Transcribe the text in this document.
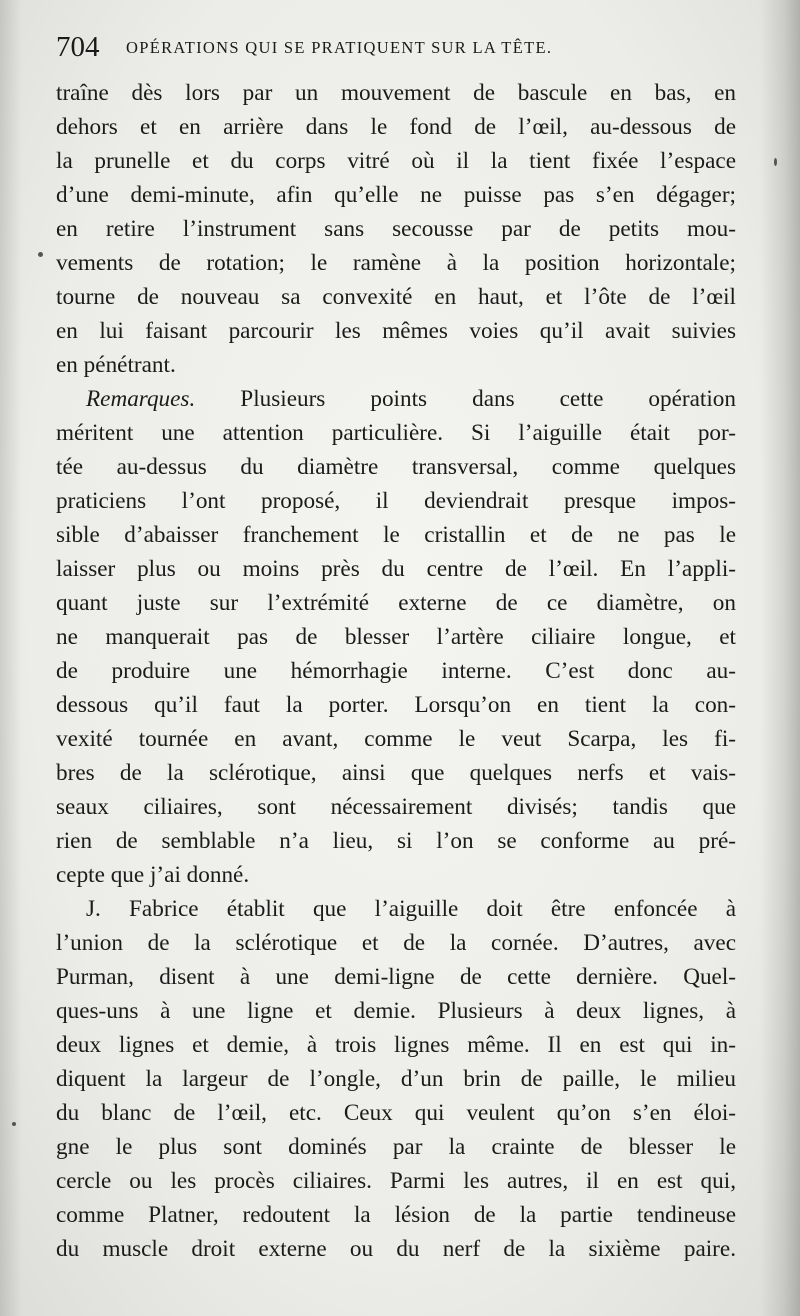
704 OPÉRATIONS QUI SE PRATIQUENT SUR LA TÊTE.
traîne dès lors par un mouvement de bascule en bas, en
dehors et en arrière dans le fond de l’œil, au-dessous de
la prunelle et du corps vitré où il la tient fixée l’espace
d’une demi-minute, afin qu’elle ne puisse pas s’en dégager;
en retire l’instrument sans secousse par de petits mou-
vements de rotation; le ramène à la position horizontale;
tourne de nouveau sa convexité en haut, et l’ôte de l’œil
en lui faisant parcourir les mêmes voies qu’il avait suivies
en pénétrant.
Remarques. Plusieurs points dans cette opération
méritent une attention particulière. Si l’aiguille était por-
tée au-dessus du diamètre transversal, comme quelques
praticiens l’ont proposé, il deviendrait presque impos-
sible d’abaisser franchement le cristallin et de ne pas le
laisser plus ou moins près du centre de l’œil. En l’appli-
quant juste sur l’extrémité externe de ce diamètre, on
ne manquerait pas de blesser l’artère ciliaire longue, et
de produire une hémorrhagie interne. C’est donc au-
dessous qu’il faut la porter. Lorsqu’on en tient la con-
vexité tournée en avant, comme le veut Scarpa, les fi-
bres de la sclérotique, ainsi que quelques nerfs et vais-
seaux ciliaires, sont nécessairement divisés; tandis que
rien de semblable n’a lieu, si l’on se conforme au pré-
cepte que j’ai donné.
J. Fabrice établit que l’aiguille doit être enfoncée à
l’union de la sclérotique et de la cornée. D’autres, avec
Purman, disent à une demi-ligne de cette dernière. Quel-
ques-uns à une ligne et demie. Plusieurs à deux lignes, à
deux lignes et demie, à trois lignes même. Il en est qui in-
diquent la largeur de l’ongle, d’un brin de paille, le milieu
du blanc de l’œil, etc. Ceux qui veulent qu’on s’en éloi-
gne le plus sont dominés par la crainte de blesser le
cercle ou les procès ciliaires. Parmi les autres, il en est qui,
comme Platner, redoutent la lésion de la partie tendineuse
du muscle droit externe ou du nerf de la sixième paire.
